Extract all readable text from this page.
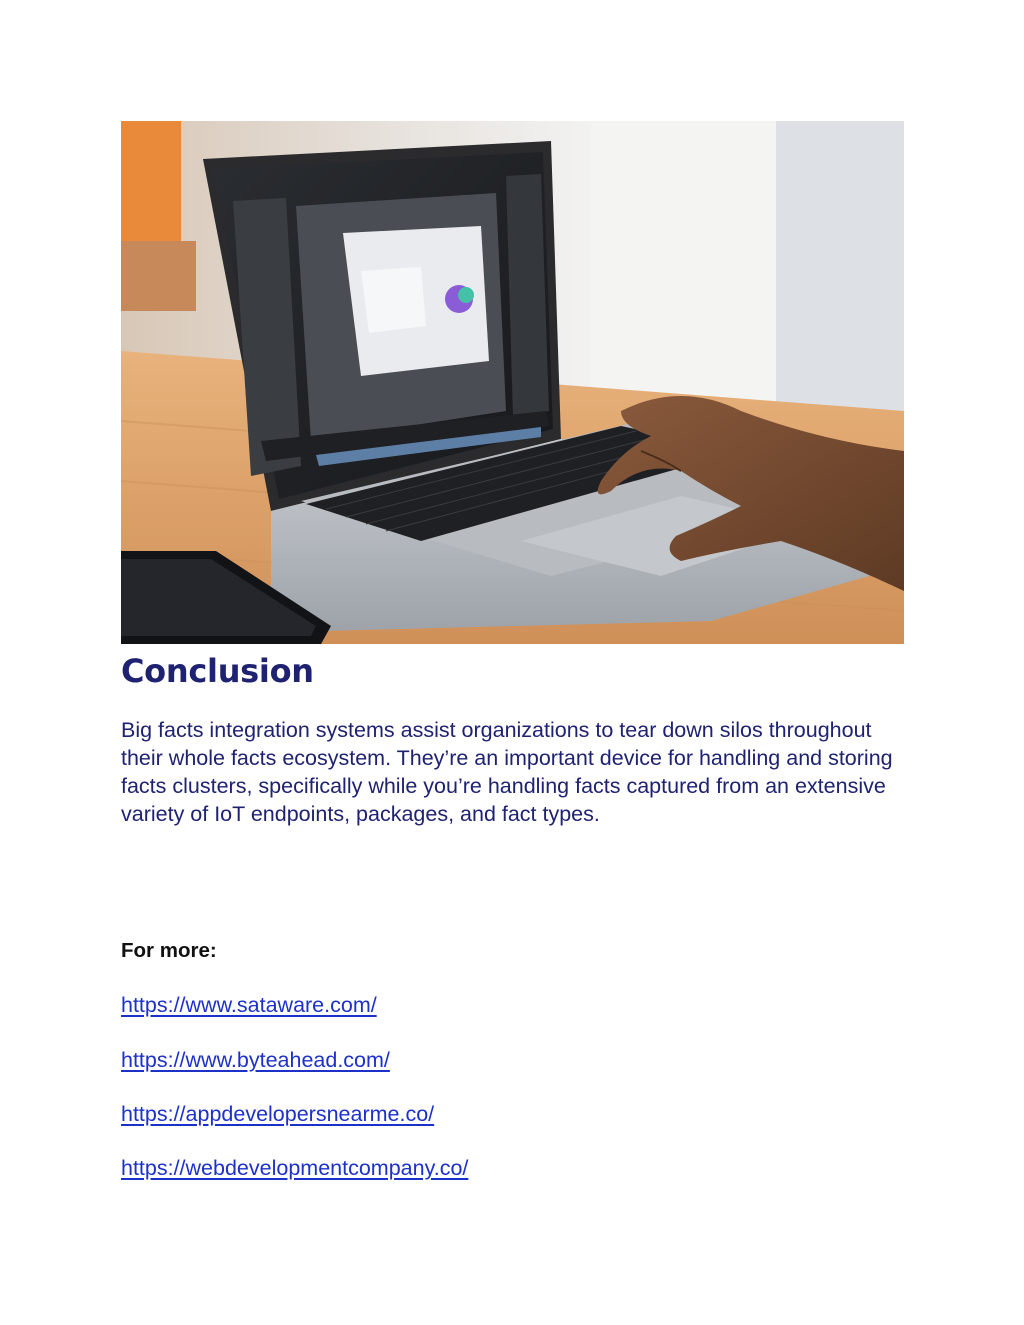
Conclusion

Big facts integration systems assist organizations to tear down silos throughout their whole facts ecosystem. They’re an important device for handling and storing facts clusters, specifically while you’re handling facts captured from an extensive variety of IoT endpoints, packages, and fact types.

For more:

https://www.sataware.com/
https://www.byteahead.com/
https://appdevelopersnearme.co/
https://webdevelopmentcompany.co/
